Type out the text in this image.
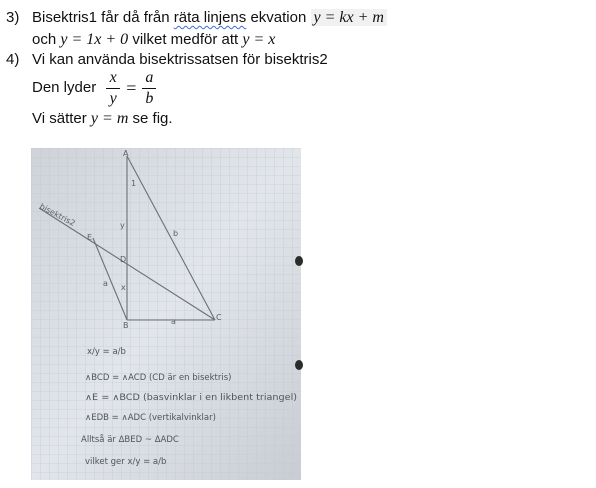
3) Bisektris1 får då från räta linjens ekvation y = kx + m
och y = 1x + 0 vilket medför att y = x
4) Vi kan använda bisektrissatsen för bisektris2
Den lyder $\frac{x}{y} = \frac{a}{b}$
Vi sätter y = m se fig.
bisektris2
A
E
D
B
C
1
y
b
a x
a
x/y = a/b
∧BCD = ∧ACD (CD är en bisektris)
∧E = ∧BCD (basvinklar i en likbent triangel)
∧EDB = ∧ADC (vertikalvinklar)
Alltså är ΔBED ~ ΔADC
vilket ger x/y = a/b
